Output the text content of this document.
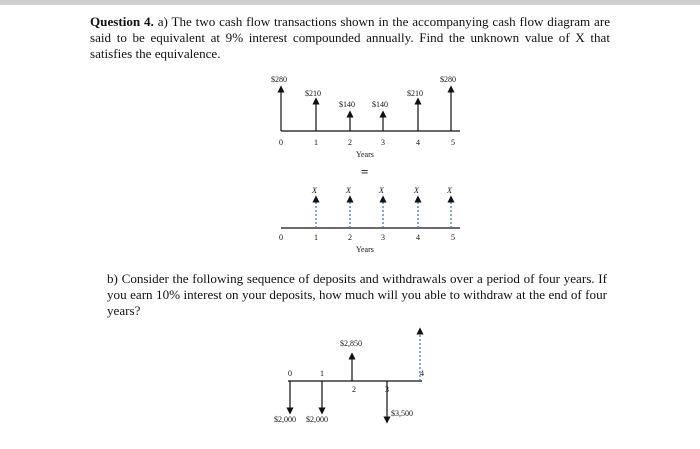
Question 4. a) The two cash flow transactions shown in the accompanying cash flow diagram are said to be equivalent at 9% interest compounded annually. Find the unknown value of X that satisfies the equivalence.
$280
$210
$140 $140
$210
$280
0	1	2	3	4	5
Years
=
X	X	X	X	X
0	1	2	3	4	5
Years
$2,850
$2,000 $2,000
$3,500
0	1
2	3
4
b) Consider the following sequence of deposits and withdrawals over a period of four years. If you earn 10% interest on your deposits, how much will you able to withdraw at the end of four years?
